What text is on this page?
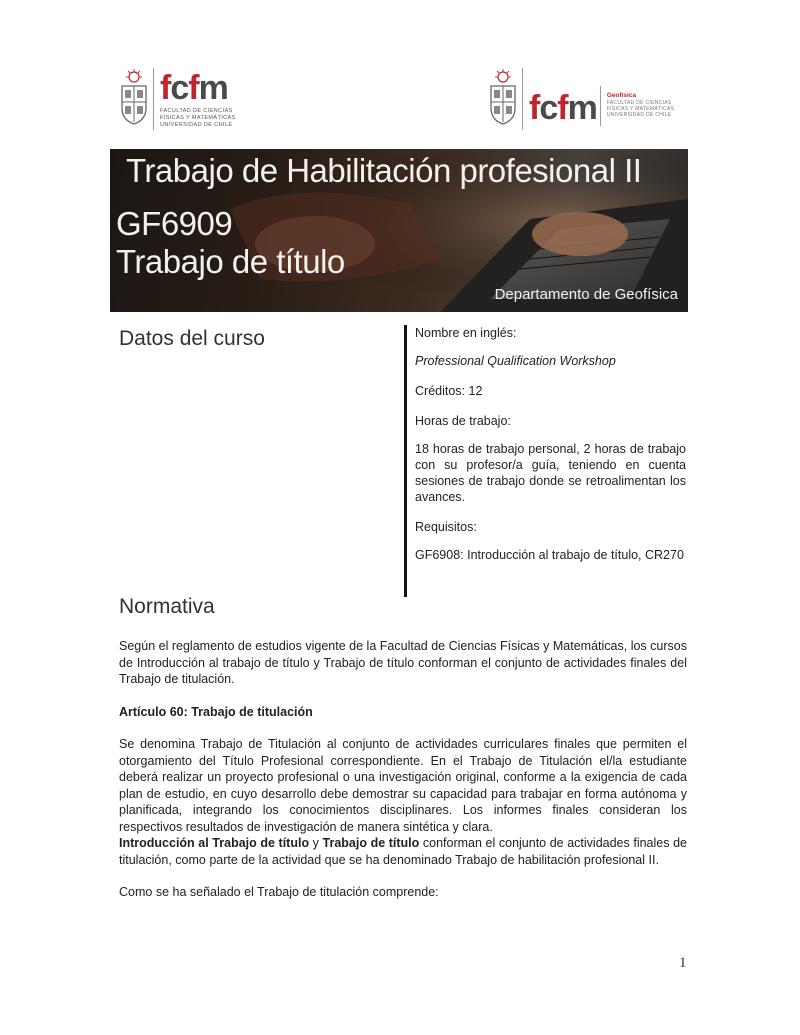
fcfm
FACULTAD DE CIENCIAS
FÍSICAS Y MATEMÁTICAS
UNIVERSIDAD DE CHILE	fcfm Geofísica
FACULTAD DE CIENCIAS
FÍSICAS Y MATEMÁTICAS
UNIVERSIDAD DE CHILE
Trabajo de Habilitación profesional II
GF6909
Trabajo de título
Departamento de Geofísica
Datos del curso	Nombre en inglés:

Professional Qualification Workshop

Créditos: 12

Horas de trabajo:

18 horas de trabajo personal, 2 horas de trabajo con su profesor/a guía, teniendo en cuenta sesiones de trabajo donde se retroalimentan los avances.

Requisitos:

GF6908: Introducción al trabajo de título, CR270

Normativa

Según el reglamento de estudios vigente de la Facultad de Ciencias Físicas y Matemáticas, los cursos de Introducción al trabajo de título y Trabajo de título conforman el conjunto de actividades finales del Trabajo de titulación.

Artículo 60: Trabajo de titulación

Se denomina Trabajo de Titulación al conjunto de actividades curriculares finales que permiten el otorgamiento del Título Profesional correspondiente. En el Trabajo de Titulación el/la estudiante deberá realizar un proyecto profesional o una investigación original, conforme a la exigencia de cada plan de estudio, en cuyo desarrollo debe demostrar su capacidad para trabajar en forma autónoma y planificada, integrando los conocimientos disciplinares. Los informes finales consideran los respectivos resultados de investigación de manera sintética y clara.

Introducción al Trabajo de título y Trabajo de título conforman el conjunto de actividades finales de titulación, como parte de la actividad que se ha denominado Trabajo de habilitación profesional II.

Como se ha señalado el Trabajo de titulación comprende:

1
